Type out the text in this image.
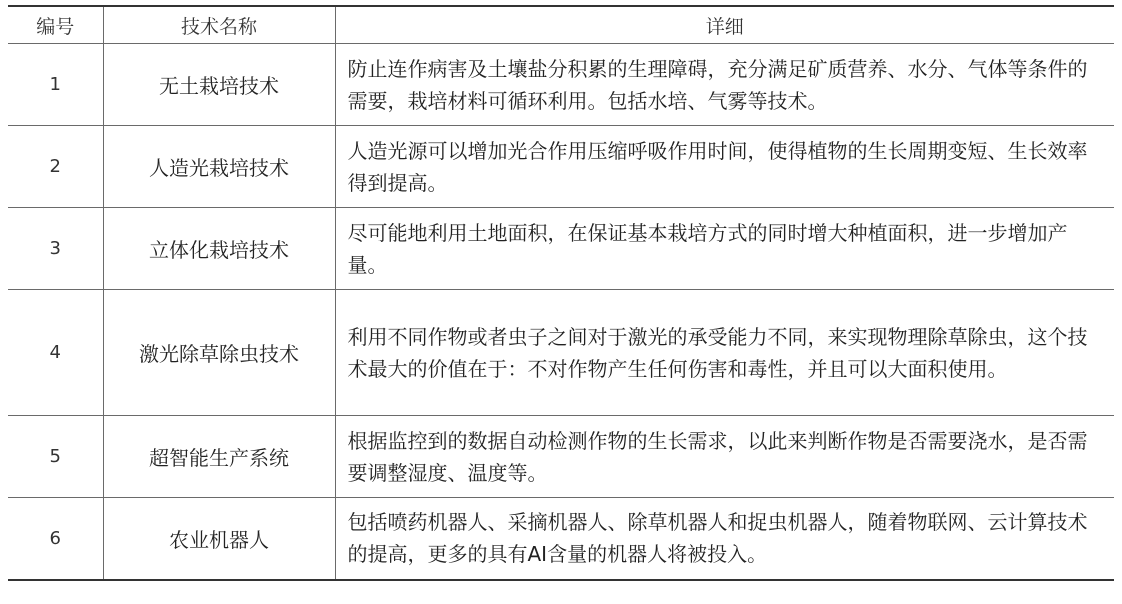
编号	技术名称	详细
1	无土栽培技术	防止连作病害及土壤盐分积累的生理障碍，充分满足矿质营养、水分、气体等条件的需要，栽培材料可循环利用。包括水培、气雾等技术。
2	人造光栽培技术	人造光源可以增加光合作用压缩呼吸作用时间，使得植物的生长周期变短、生长效率得到提高。
3	立体化栽培技术	尽可能地利用土地面积，在保证基本栽培方式的同时增大种植面积，进一步增加产量。
4	激光除草除虫技术	利用不同作物或者虫子之间对于激光的承受能力不同，来实现物理除草除虫，这个技术最大的价值在于：不对作物产生任何伤害和毒性，并且可以大面积使用。
5	超智能生产系统	根据监控到的数据自动检测作物的生长需求，以此来判断作物是否需要浇水，是否需要调整湿度、温度等。
6	农业机器人	包括喷药机器人、采摘机器人、除草机器人和捉虫机器人，随着物联网、云计算技术的提高，更多的具有AI含量的机器人将被投入。
